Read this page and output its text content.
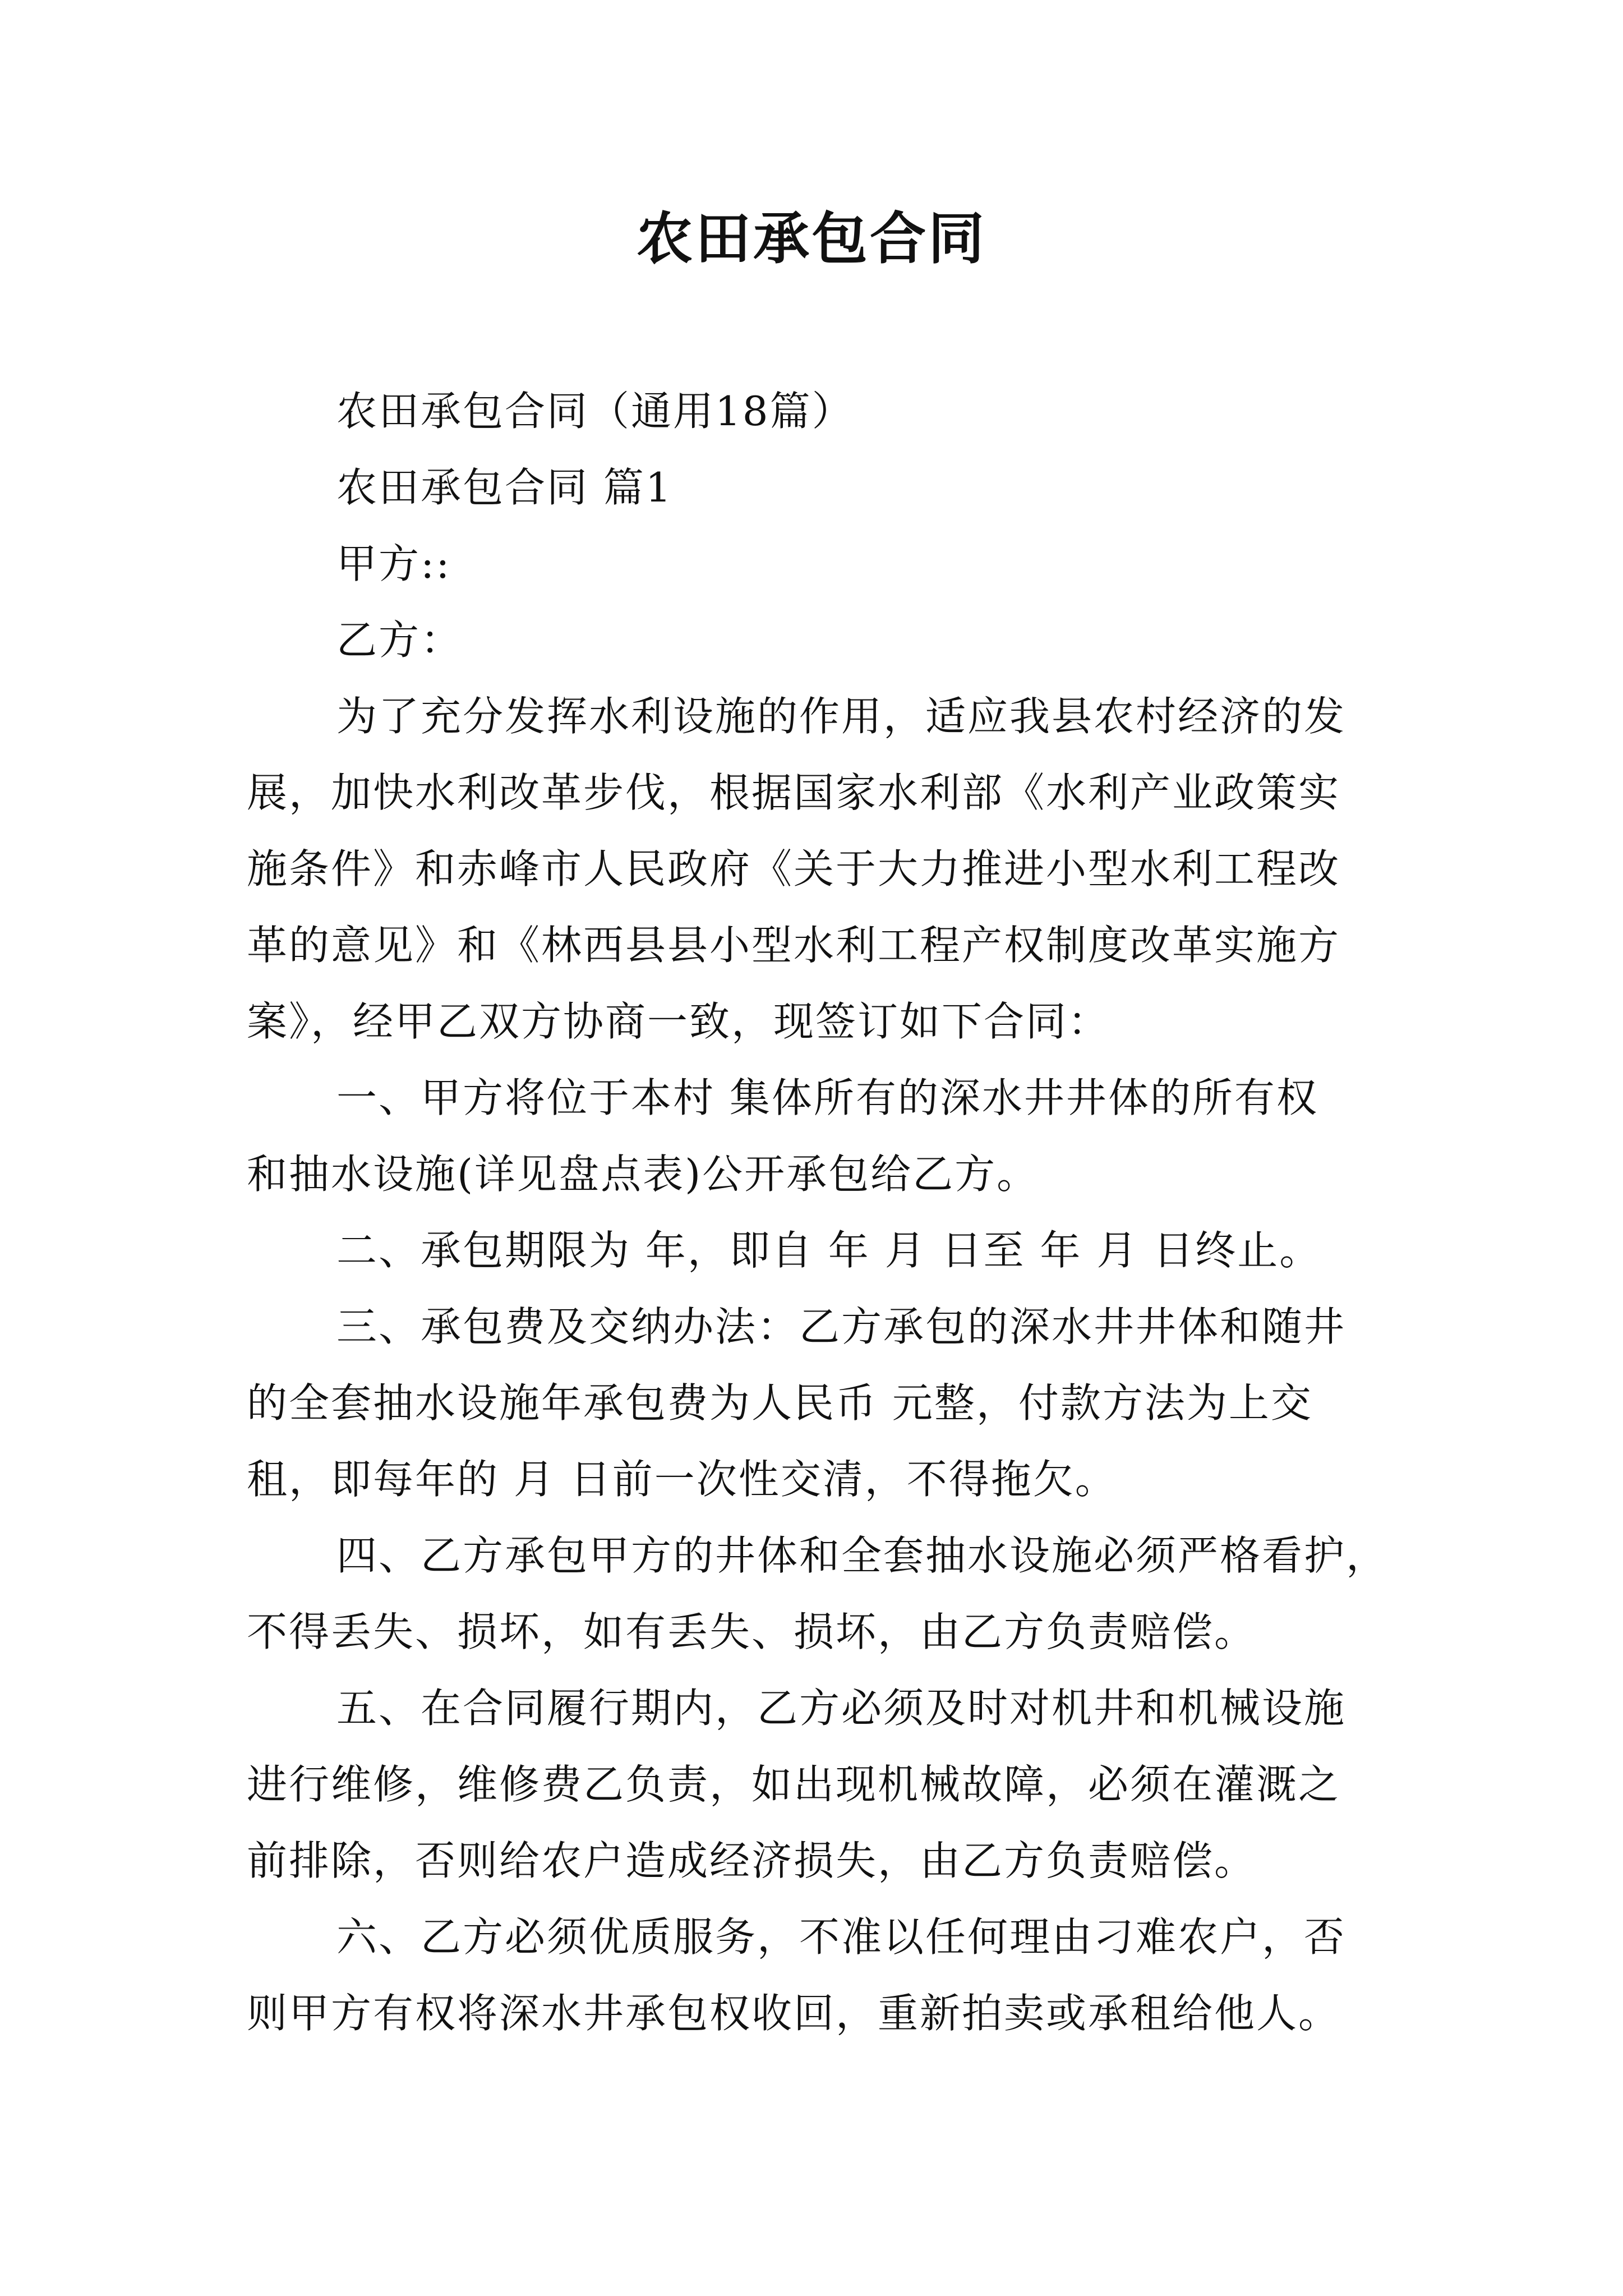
农田承包合同
农田承包合同（通用18篇）
农田承包合同 篇1
甲方::
乙方：
为了充分发挥水利设施的作用，适应我县农村经济的发
展，加快水利改革步伐，根据国家水利部《水利产业政策实
施条件》和赤峰市人民政府《关于大力推进小型水利工程改
革的意见》和《林西县县小型水利工程产权制度改革实施方
案》，经甲乙双方协商一致，现签订如下合同：
一、甲方将位于本村 集体所有的深水井井体的所有权
和抽水设施(详见盘点表)公开承包给乙方。
二、承包期限为 年，即自 年 月 日至 年 月 日终止。
三、承包费及交纳办法：乙方承包的深水井井体和随井
的全套抽水设施年承包费为人民币 元整，付款方法为上交
租，即每年的 月 日前一次性交清，不得拖欠。
四、乙方承包甲方的井体和全套抽水设施必须严格看护，
不得丢失、损坏，如有丢失、损坏，由乙方负责赔偿。
五、在合同履行期内，乙方必须及时对机井和机械设施
进行维修，维修费乙负责，如出现机械故障，必须在灌溉之
前排除，否则给农户造成经济损失，由乙方负责赔偿。
六、乙方必须优质服务，不准以任何理由刁难农户，否
则甲方有权将深水井承包权收回，重新拍卖或承租给他人。
